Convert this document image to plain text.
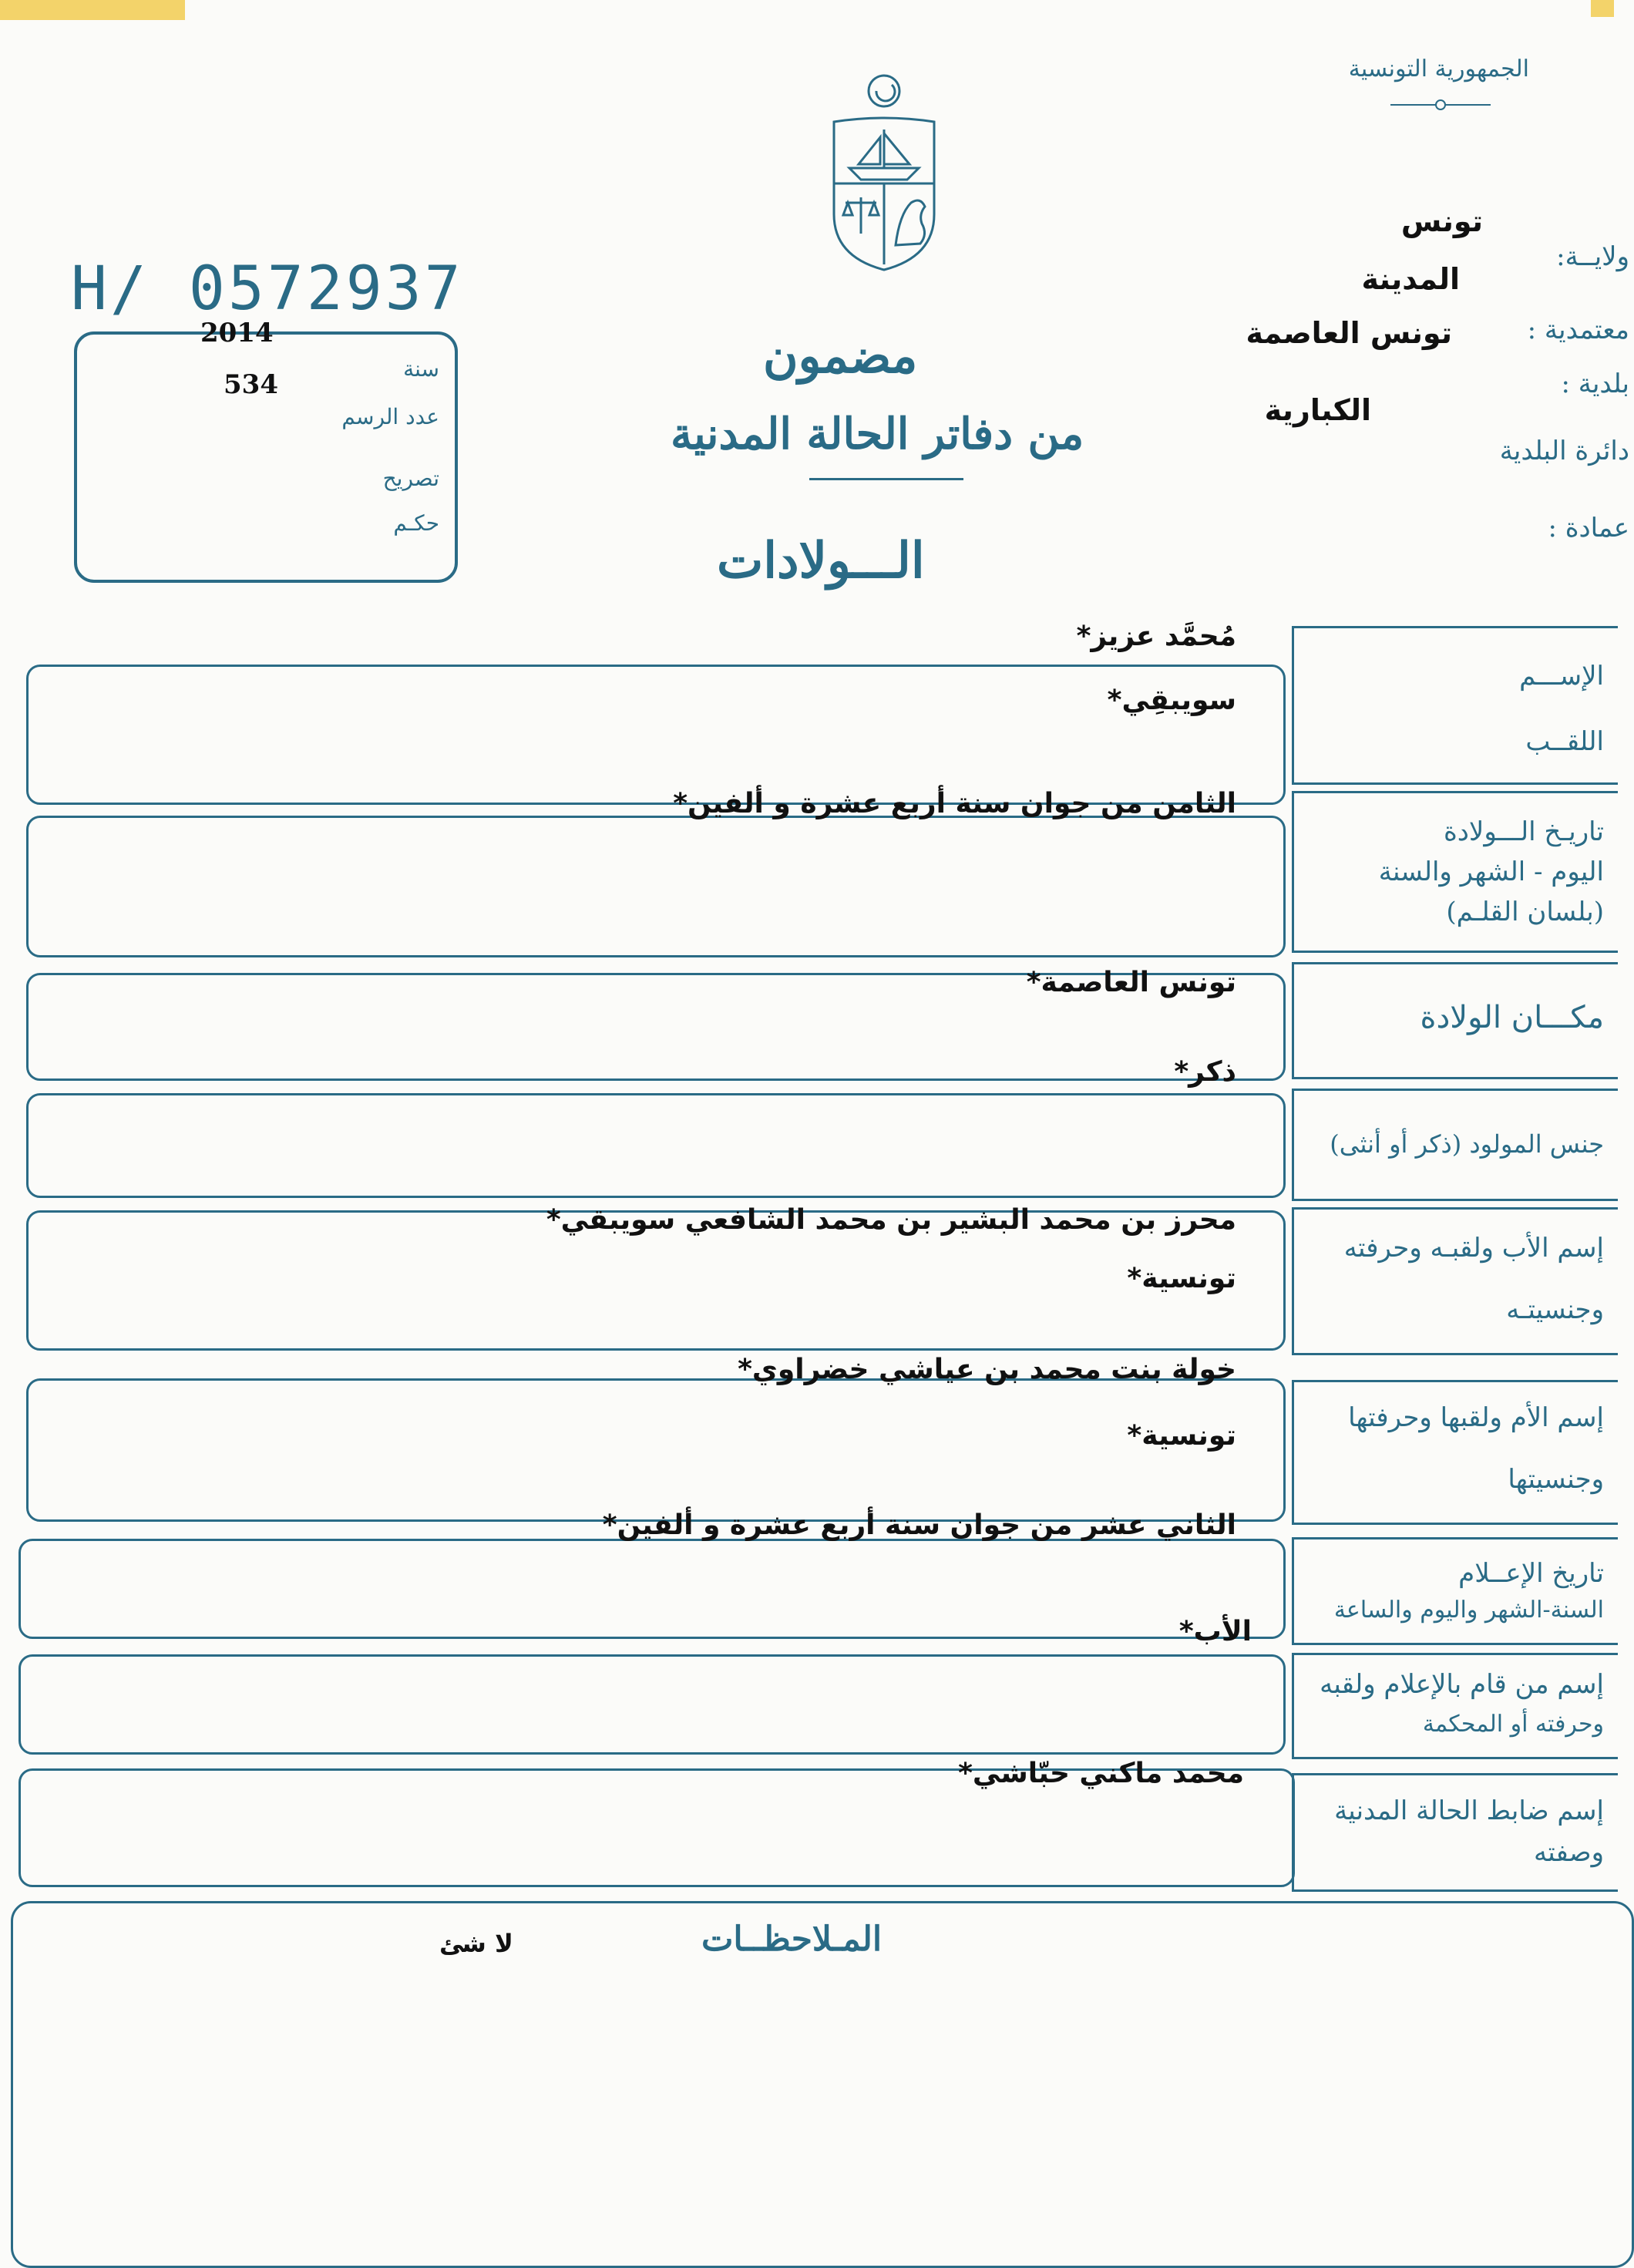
الجمهورية التونسية
ولايــة:
تونس
المدينة
معتمدية :
تونس العاصمة
بلدية :
دائرة البلدية
الكبارية
عمادة :
H/ 0572937
سنة
2014
عدد الرسم
534
تصريح
حكـم
مضمون
من دفاتر الحالة المدنية
الـــولادات
الإســـم
اللقــب
مُحمَّد عزيز*
سويبقِي*
تاريـخ الـــولادة
اليوم - الشهر والسنة
(بلسان القلـم)
الثامن من جوان سنة أربع عشرة و ألفين*
مكـــان الولادة
تونس العاصمة*
جنس المولود (ذكر أو أنثى)
ذكر*
إسم الأب ولقبـه وحرفته
وجنسيتـه
محرز بن محمد البشير بن محمد الشافعي سويبقي*
تونسية*
إسم الأم ولقبها وحرفتها
وجنسيتها
خولة بنت محمد بن عياشي خضراوي*
تونسية*
تاريخ الإعــلام
السنة-الشهر واليوم والساعة
الثاني عشر من جوان سنة أربع عشرة و ألفين*
إسم من قام بالإعلام ولقبه
وحرفته أو المحكمة
الأب*
إسم ضابط الحالة المدنية
وصفته
محمد ماكني حبّاشي*
المـلاحظــات
لا شئ
